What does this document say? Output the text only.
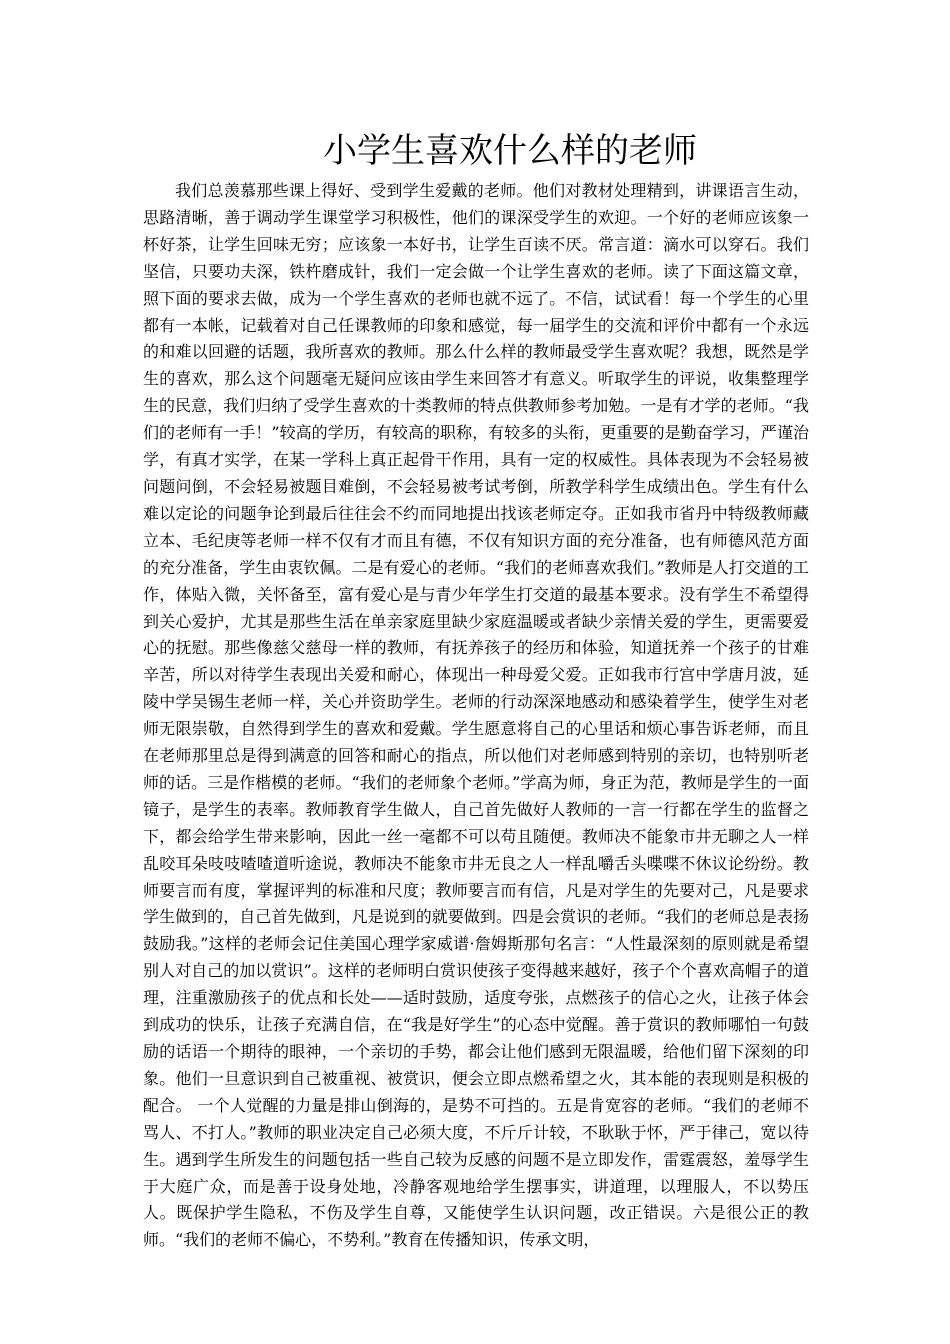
小学生喜欢什么样的老师

我们总羡慕那些课上得好、受到学生爱戴的老师。他们对教材处理精到，讲课语言生动，思路清晰，善于调动学生课堂学习积极性，他们的课深受学生的欢迎。一个好的老师应该象一杯好茶，让学生回味无穷；应该象一本好书，让学生百读不厌。常言道：滴水可以穿石。我们坚信，只要功夫深，铁杵磨成针，我们一定会做一个让学生喜欢的老师。读了下面这篇文章，照下面的要求去做，成为一个学生喜欢的老师也就不远了。不信，试试看！每一个学生的心里都有一本帐，记载着对自己任课教师的印象和感觉，每一届学生的交流和评价中都有一个永远的和难以回避的话题，我所喜欢的教师。那么什么样的教师最受学生喜欢呢？我想，既然是学生的喜欢，那么这个问题毫无疑问应该由学生来回答才有意义。听取学生的评说，收集整理学生的民意，我们归纳了受学生喜欢的十类教师的特点供教师参考加勉。一是有才学的老师。“我们的老师有一手！”较高的学历，有较高的职称，有较多的头衔，更重要的是勤奋学习，严谨治学，有真才实学，在某一学科上真正起骨干作用，具有一定的权威性。具体表现为不会轻易被问题问倒，不会轻易被题目难倒，不会轻易被考试考倒，所教学科学生成绩出色。学生有什么难以定论的问题争论到最后往往会不约而同地提出找该老师定夺。正如我市省丹中特级教师藏立本、毛纪庚等老师一样不仅有才而且有德，不仅有知识方面的充分准备，也有师德风范方面的充分准备，学生由衷钦佩。二是有爱心的老师。“我们的老师喜欢我们。”教师是人打交道的工作，体贴入微，关怀备至，富有爱心是与青少年学生打交道的最基本要求。没有学生不希望得到关心爱护，尤其是那些生活在单亲家庭里缺少家庭温暖或者缺少亲情关爱的学生，更需要爱心的抚慰。那些像慈父慈母一样的教师，有抚养孩子的经历和体验，知道抚养一个孩子的甘难辛苦，所以对待学生表现出关爱和耐心，体现出一种母爱父爱。正如我市行宫中学唐月波，延陵中学吴锡生老师一样，关心并资助学生。老师的行动深深地感动和感染着学生，使学生对老师无限崇敬，自然得到学生的喜欢和爱戴。学生愿意将自己的心里话和烦心事告诉老师，而且在老师那里总是得到满意的回答和耐心的指点，所以他们对老师感到特别的亲切，也特别听老师的话。三是作楷模的老师。“我们的老师象个老师。”学高为师，身正为范，教师是学生的一面镜子，是学生的表率。教师教育学生做人，自己首先做好人教师的一言一行都在学生的监督之下，都会给学生带来影响，因此一丝一毫都不可以苟且随便。教师决不能象市井无聊之人一样乱咬耳朵吱吱喳喳道听途说，教师决不能象市井无良之人一样乱嚼舌头喋喋不休议论纷纷。教师要言而有度，掌握评判的标准和尺度；教师要言而有信，凡是对学生的先要对己，凡是要求学生做到的，自己首先做到，凡是说到的就要做到。四是会赏识的老师。“我们的老师总是表扬鼓励我。”这样的老师会记住美国心理学家威谱·詹姆斯那句名言：“人性最深刻的原则就是希望别人对自己的加以赏识”。这样的老师明白赏识使孩子变得越来越好，孩子个个喜欢高帽子的道理，注重激励孩子的优点和长处——适时鼓励，适度夸张，点燃孩子的信心之火，让孩子体会到成功的快乐，让孩子充满自信，在“我是好学生”的心态中觉醒。善于赏识的教师哪怕一句鼓励的话语一个期待的眼神，一个亲切的手势，都会让他们感到无限温暖，给他们留下深刻的印象。他们一旦意识到自己被重视、被赏识，便会立即点燃希望之火，其本能的表现则是积极的配合。 一个人觉醒的力量是排山倒海的，是势不可挡的。五是肯宽容的老师。“我们的老师不骂人、不打人。”教师的职业决定自己必须大度，不斤斤计较，不耿耿于怀，严于律己，宽以待生。遇到学生所发生的问题包括一些自己较为反感的问题不是立即发作，雷霆震怒，羞辱学生于大庭广众，而是善于设身处地，冷静客观地给学生摆事实，讲道理，以理服人，不以势压人。既保护学生隐私，不伤及学生自尊，又能使学生认识问题，改正错误。六是很公正的教师。“我们的老师不偏心，不势利。”教育在传播知识，传承文明，
